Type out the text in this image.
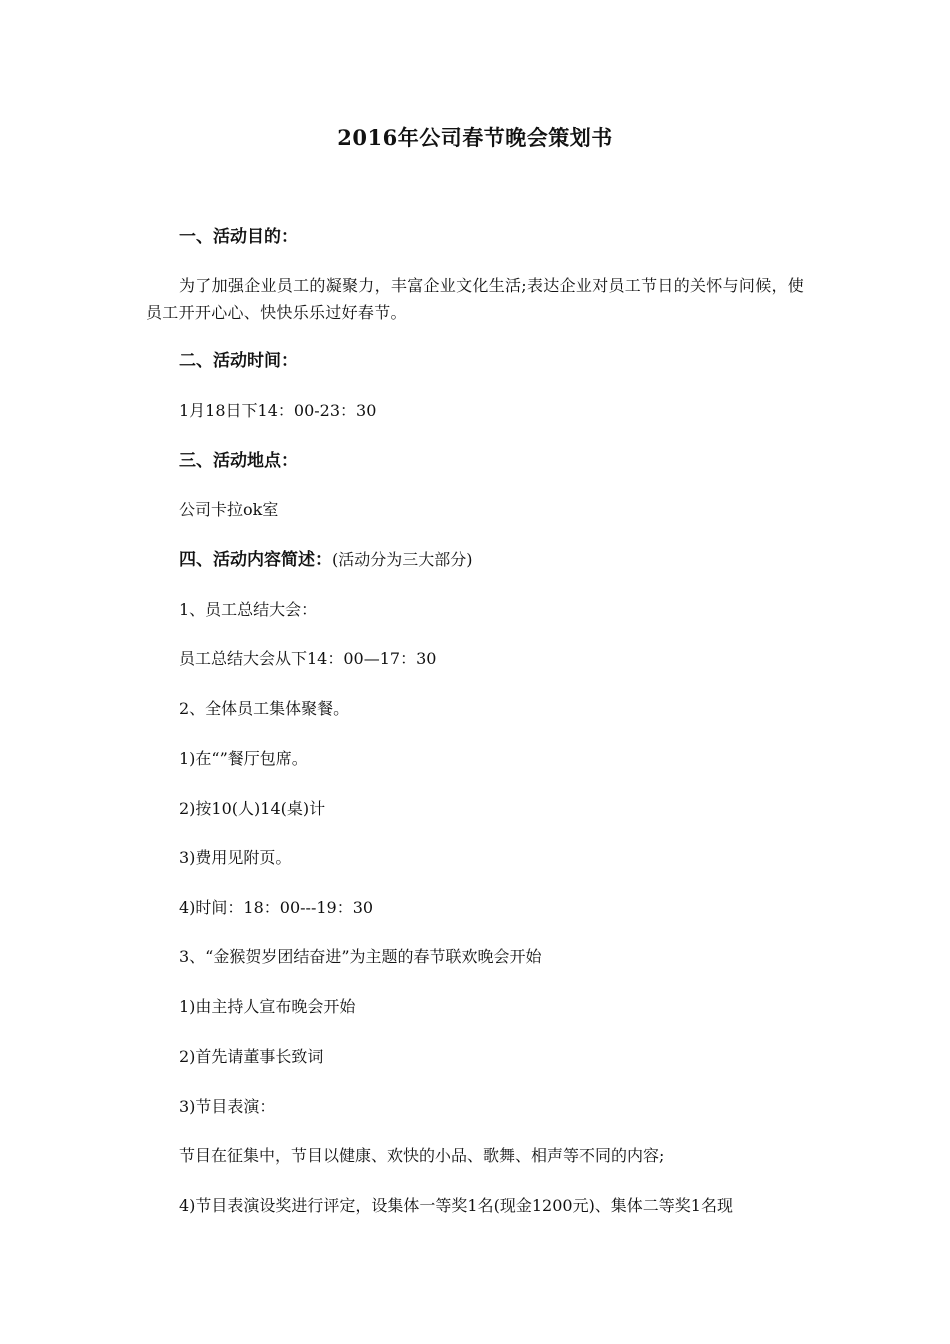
2016年公司春节晚会策划书
一、活动目的：
为了加强企业员工的凝聚力，丰富企业文化生活;表达企业对员工节日的关怀与问候，使员工开开心心、快快乐乐过好春节。
二、活动时间：
1月18日下14：00-23：30
三、活动地点：
公司卡拉ok室
四、活动内容简述：(活动分为三大部分)
1、员工总结大会：
员工总结大会从下14：00—17：30
2、全体员工集体聚餐。
1)在“”餐厅包席。
2)按10(人)14(桌)计
3)费用见附页。
4)时间：18：00---19：30
3、“金猴贺岁团结奋进”为主题的春节联欢晚会开始
1)由主持人宣布晚会开始
2)首先请董事长致词
3)节目表演：
节目在征集中，节目以健康、欢快的小品、歌舞、相声等不同的内容;
4)节目表演设奖进行评定，设集体一等奖1名(现金1200元)、集体二等奖1名现
